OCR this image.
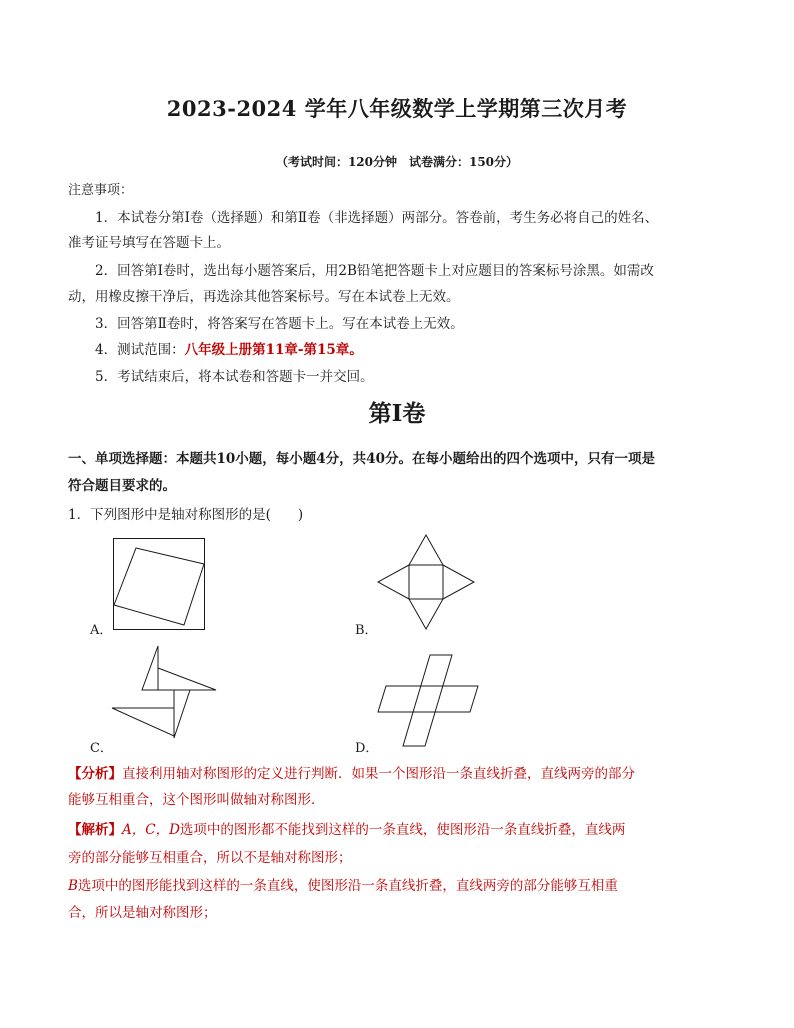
2023-2024 学年八年级数学上学期第三次月考
（考试时间：120分钟　试卷满分：150分）
注意事项：
1．本试卷分第Ⅰ卷（选择题）和第Ⅱ卷（非选择题）两部分。答卷前，考生务必将自己的姓名、
准考证号填写在答题卡上。
2．回答第Ⅰ卷时，选出每小题答案后，用2B铅笔把答题卡上对应题目的答案标号涂黑。如需改
动，用橡皮擦干净后，再选涂其他答案标号。写在本试卷上无效。
3．回答第Ⅱ卷时，将答案写在答题卡上。写在本试卷上无效。
4．测试范围：八年级上册第11章-第15章。
5．考试结束后，将本试卷和答题卡一并交回。
第Ⅰ卷
一、单项选择题：本题共10小题，每小题4分，共40分。在每小题给出的四个选项中，只有一项是
符合题目要求的。
1．下列图形中是轴对称图形的是(　　)
A．	B．
C．	D．
【分析】直接利用轴对称图形的定义进行判断．如果一个图形沿一条直线折叠，直线两旁的部分
能够互相重合，这个图形叫做轴对称图形．
【解析】A，C，D选项中的图形都不能找到这样的一条直线，使图形沿一条直线折叠，直线两
旁的部分能够互相重合，所以不是轴对称图形；
B选项中的图形能找到这样的一条直线，使图形沿一条直线折叠，直线两旁的部分能够互相重
合，所以是轴对称图形；
